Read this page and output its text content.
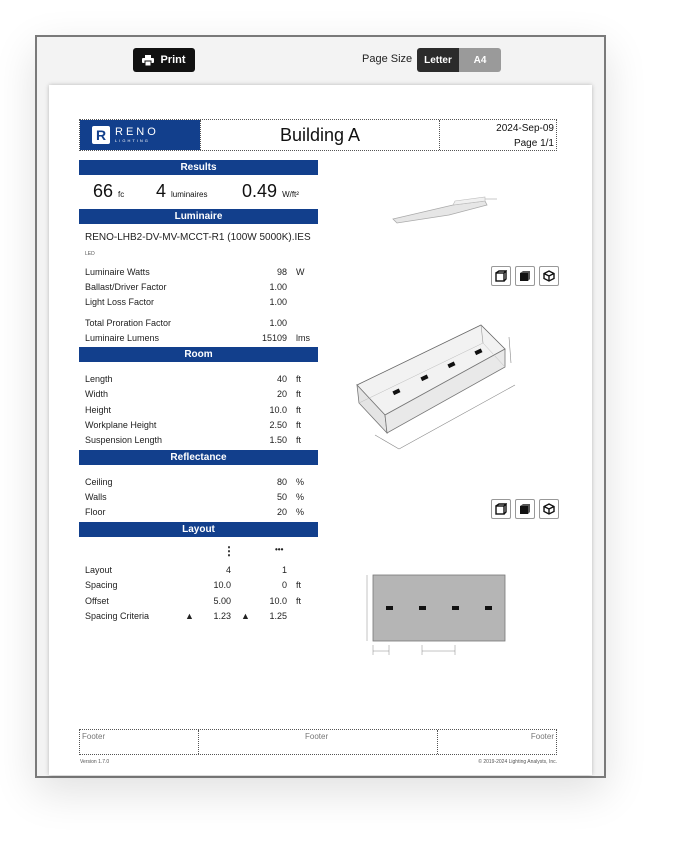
Print	Page Size	Letter	A4
R RENO
LIGHTING	Building A	2024-Sep-09
Page 1/1
Results
66 fc 4 luminaires 0.49 W/ft²
Luminaire
RENO-LHB2-DV-MV-MCCT-R1 (100W 5000K).IES
LED
Luminaire Watts	98 W
Ballast/Driver Factor	1.00
Light Loss Factor	1.00
Total Proration Factor	1.00
Luminaire Lumens	15109 lms
Room
Length	40 ft
Width	20 ft
Height	10.0 ft
Workplane Height	2.50 ft
Suspension Length	1.50 ft
Reflectance
Ceiling	80 %
Walls	50 %
Floor	20 %
Layout
⋮	•••
Layout	4	1
Spacing	10.0	0 ft
Offset	5.00	10.0 ft
Spacing Criteria	▲	1.23 ▲	1.25
Footer	Footer	Footer
Version 1.7.0	© 2019-2024 Lighting Analysts, Inc.
